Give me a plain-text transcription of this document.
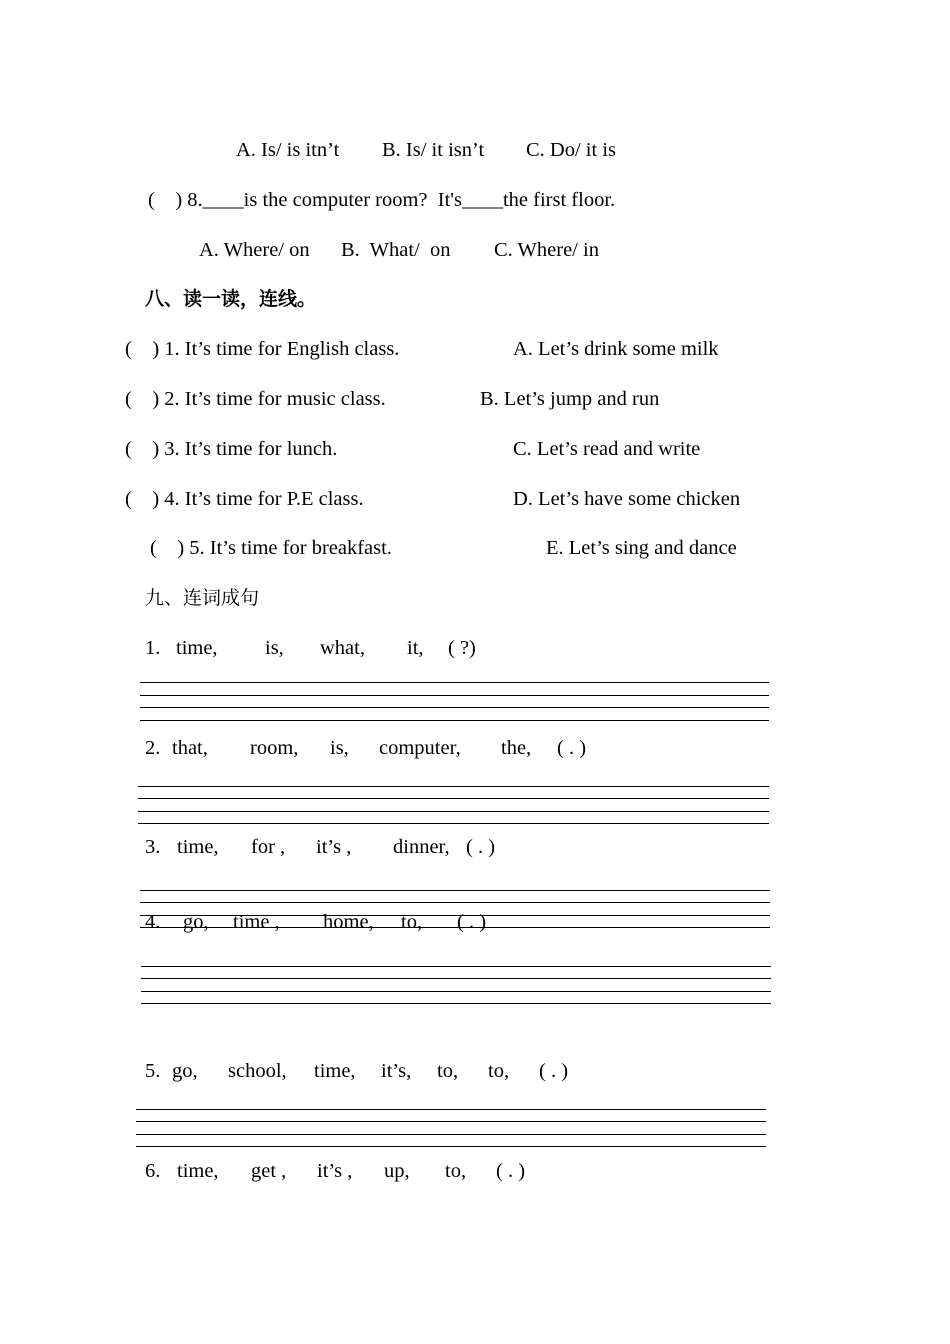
A. Is/ is itn’t B. Is/ it isn’t C. Do/ it is
(    ) 8.____is the computer room?  It's____the first floor.
A. Where/ on B.  What/  on C. Where/ in
八、读一读，连线。
(    ) 1. It’s time for English class.	A. Let’s drink some milk
(    ) 2. It’s time for music class.	B. Let’s jump and run
(    ) 3. It’s time for lunch.	C. Let’s read and write
(    ) 4. It’s time for P.E class.	D. Let’s have some chicken
(    ) 5. It’s time for breakfast.	E. Let’s sing and dance
九、连词成句
1. time, is, what, it, ( ?)
2. that, room, is, computer, the, ( . )
3. time, for , it’s , dinner, ( . )
4. go, time , home, to, ( . )
5. go, school, time, it’s, to, to, ( . )
6. time, get , it’s , up, to, ( . )
